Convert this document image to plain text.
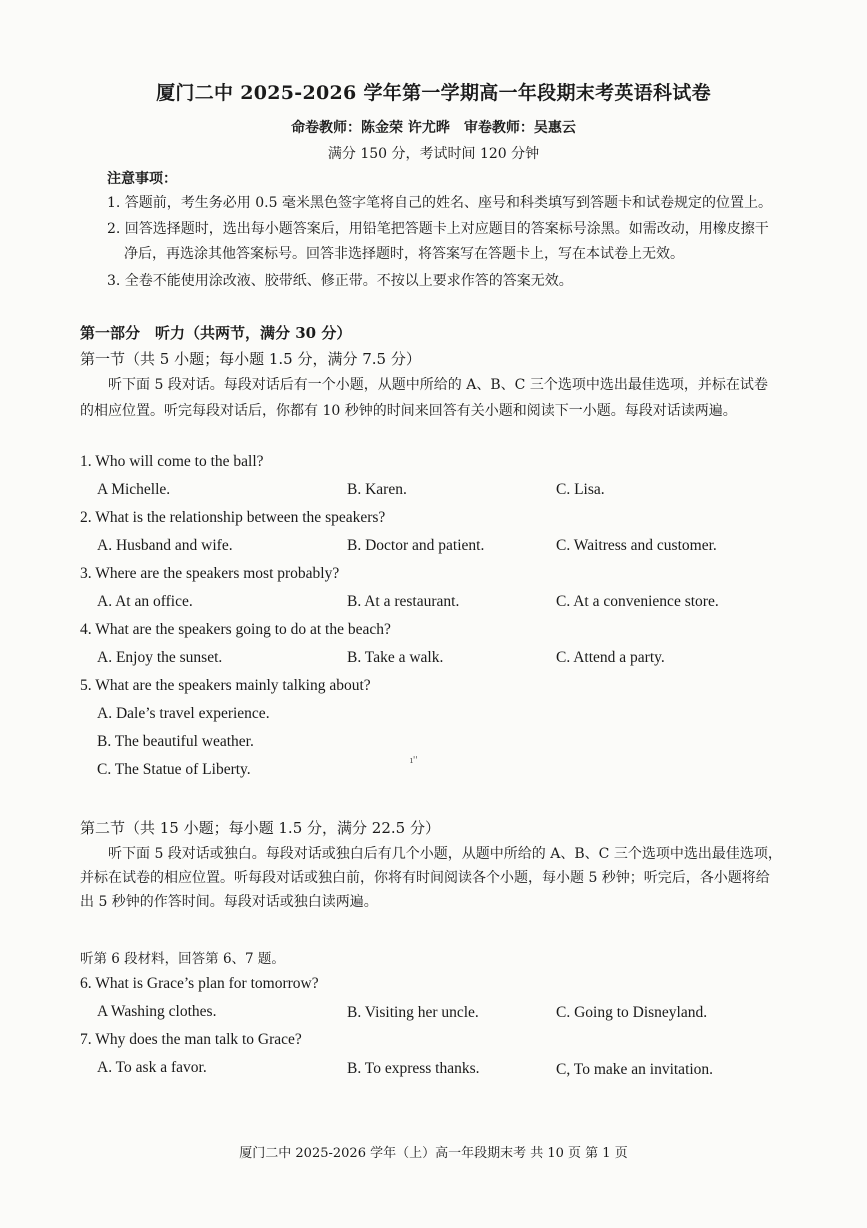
厦门二中 2025-2026 学年第一学期高一年段期末考英语科试卷
命卷教师：陈金荣 许尤晔　审卷教师：吴惠云
满分 150 分，考试时间 120 分钟
注意事项：
1. 答题前，考生务必用 0.5 毫米黑色签字笔将自己的姓名、座号和科类填写到答题卡和试卷规定的位置上。
2. 回答选择题时，选出每小题答案后，用铅笔把答题卡上对应题目的答案标号涂黑。如需改动，用橡皮擦干
净后，再选涂其他答案标号。回答非选择题时，将答案写在答题卡上，写在本试卷上无效。
3. 全卷不能使用涂改液、胶带纸、修正带。不按以上要求作答的答案无效。
第一部分　听力（共两节，满分 30 分）
第一节（共 5 小题；每小题 1.5 分，满分 7.5 分）
听下面 5 段对话。每段对话后有一个小题，从题中所给的 A、B、C 三个选项中选出最佳选项，并标在试卷
的相应位置。听完每段对话后，你都有 10 秒钟的时间来回答有关小题和阅读下一小题。每段对话读两遍。
1. Who will come to the ball?
A Michelle.	B. Karen.	C. Lisa.
2. What is the relationship between the speakers?
A. Husband and wife.	B. Doctor and patient.	C. Waitress and customer.
3. Where are the speakers most probably?
A. At an office.	B. At a restaurant.	C. At a convenience store.
4. What are the speakers going to do at the beach?
A. Enjoy the sunset.	B. Take a walk.	C. Attend a party.
5. What are the speakers mainly talking about?
A. Dale’s travel experience.
B. The beautiful weather.
C. The Statue of Liberty.	ı''
第二节（共 15 小题；每小题 1.5 分，满分 22.5 分）
听下面 5 段对话或独白。每段对话或独白后有几个小题，从题中所给的 A、B、C 三个选项中选出最佳选项，
并标在试卷的相应位置。听每段对话或独白前，你将有时间阅读各个小题，每小题 5 秒钟；听完后，各小题将给
出 5 秒钟的作答时间。每段对话或独白读两遍。
听第 6 段材料，回答第 6、7 题。
6. What is Grace’s plan for tomorrow?
A Washing clothes.	B. Visiting her uncle.	C. Going to Disneyland.
7. Why does the man talk to Grace?
A. To ask a favor.	B. To express thanks.	C, To make an invitation.
厦门二中 2025-2026 学年（上）高一年段期末考 共 10 页 第 1 页
